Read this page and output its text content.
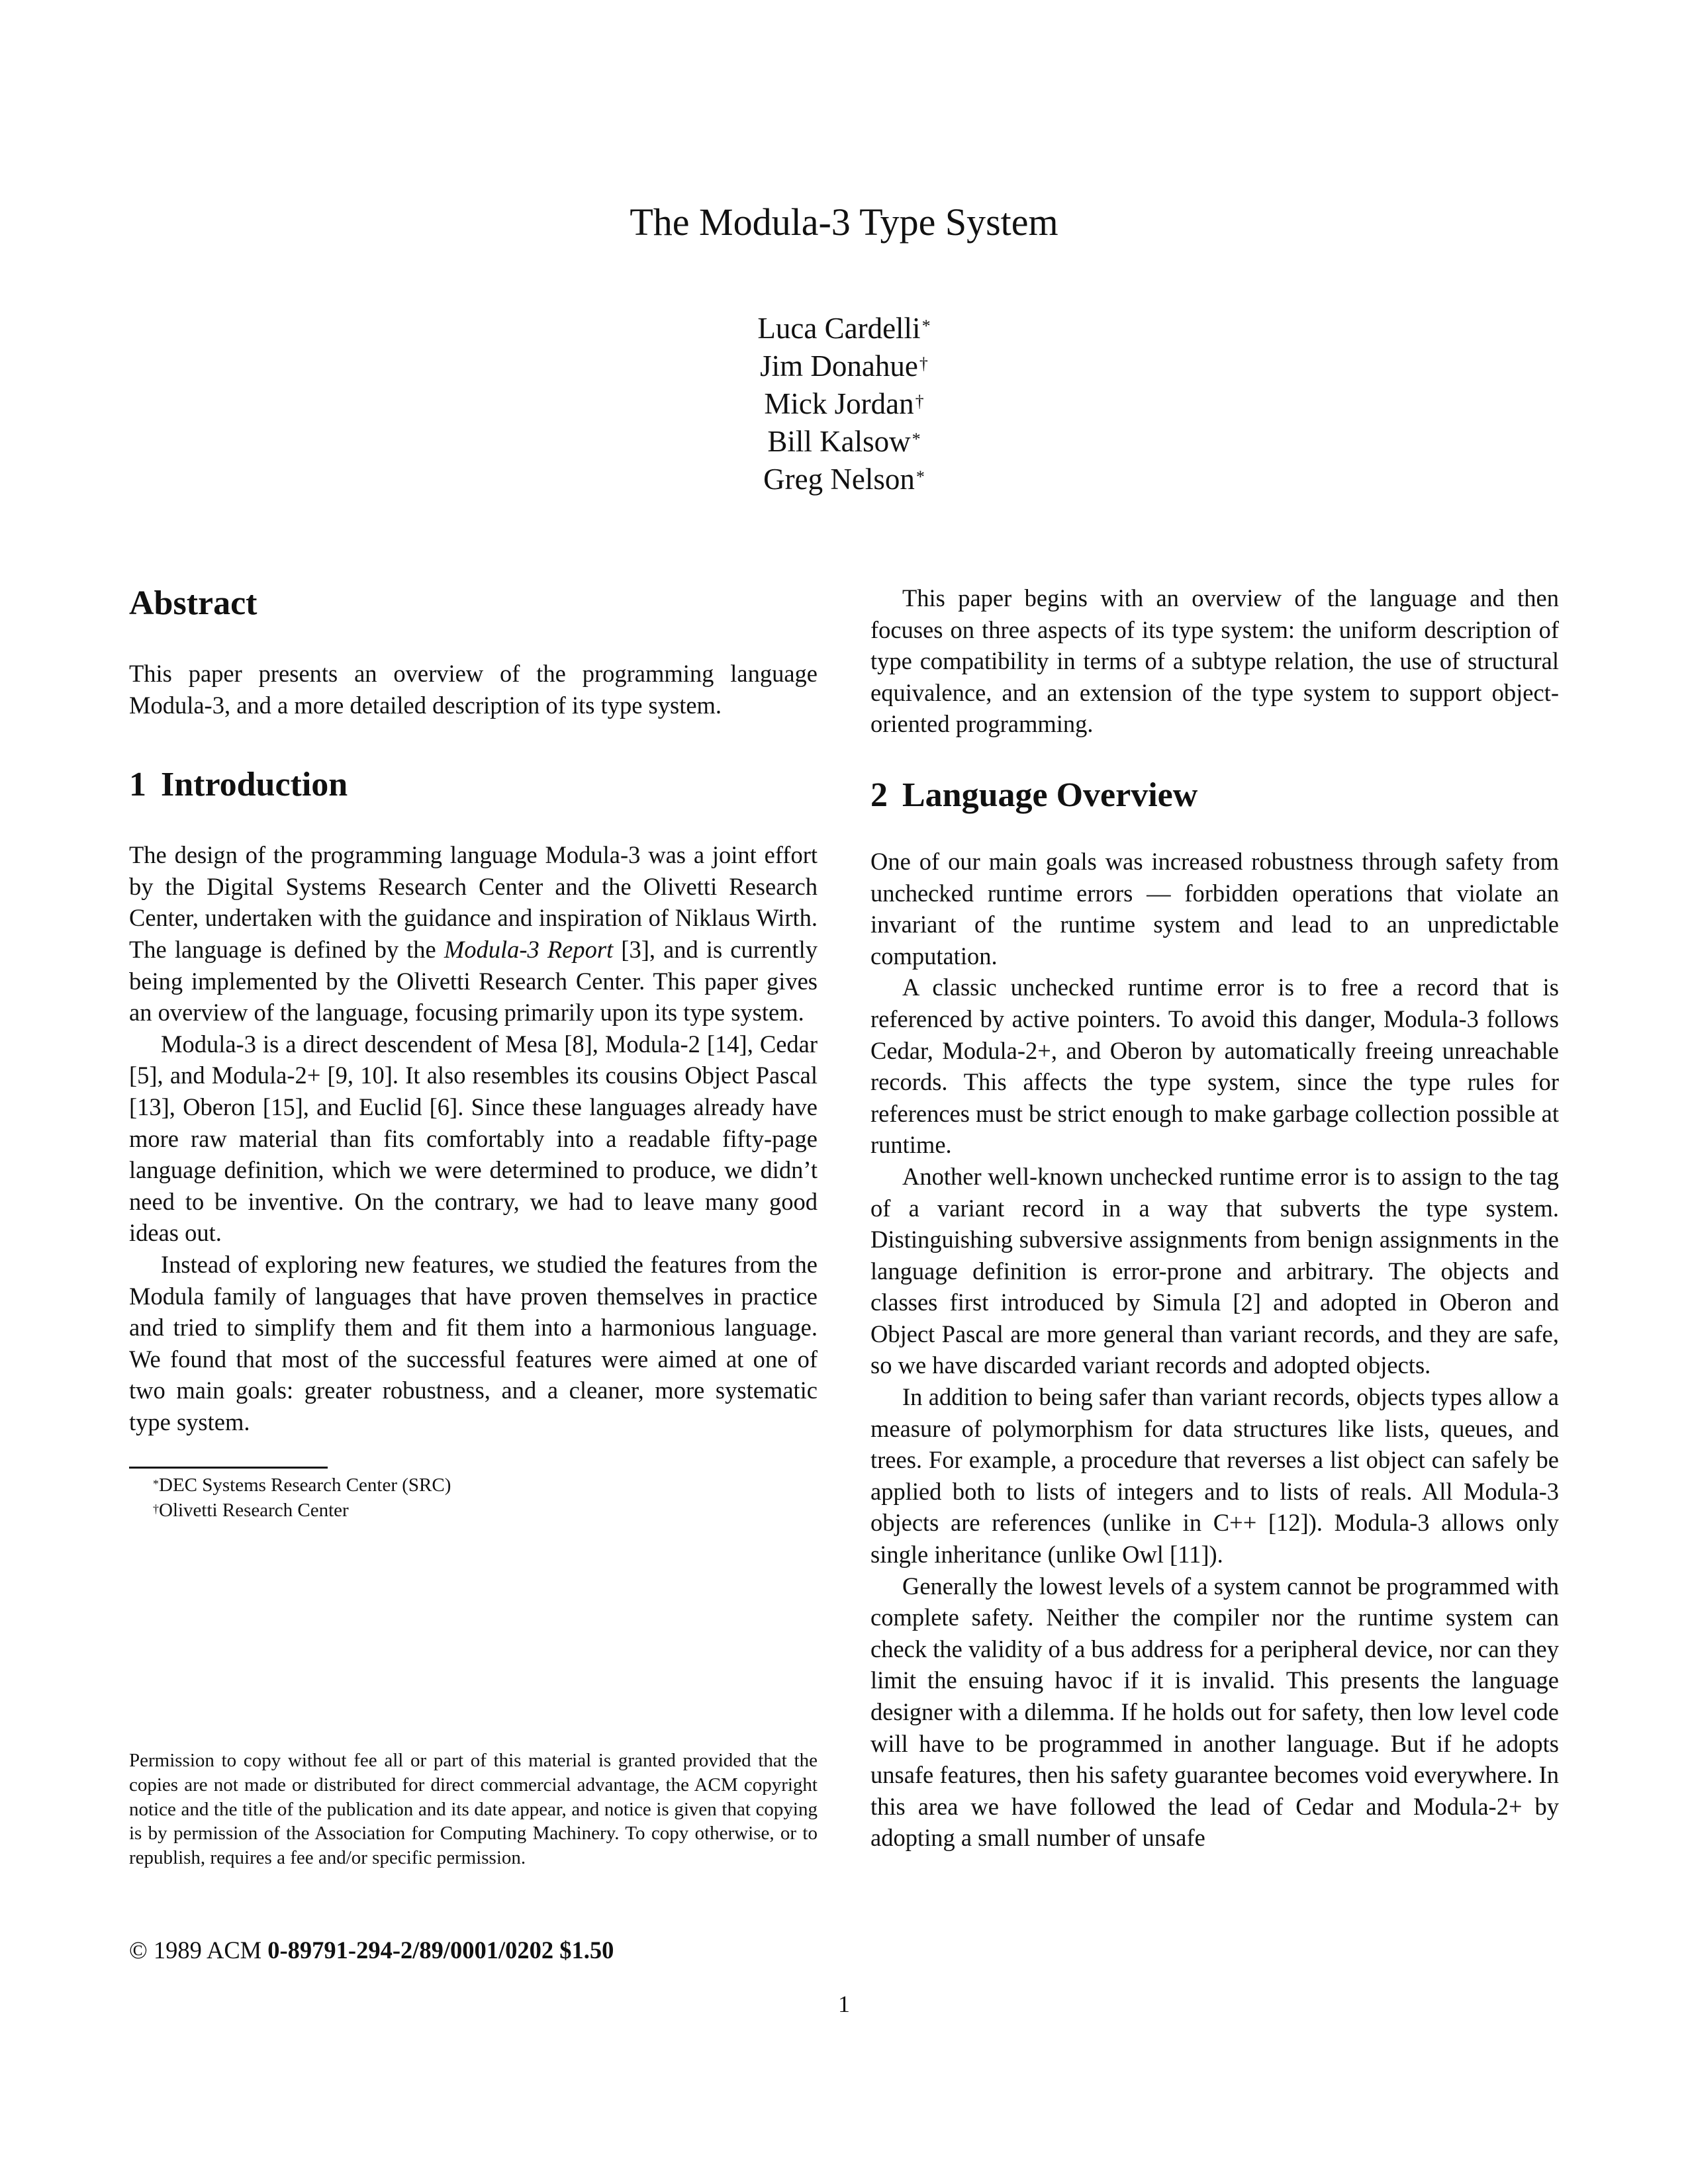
The Modula-3 Type System
Luca Cardelli*
Jim Donahue†
Mick Jordan†
Bill Kalsow*
Greg Nelson*
Abstract

This paper presents an overview of the programming language Modula-3, and a more detailed description of its type system.

1 Introduction

The design of the programming language Modula-3 was a joint effort by the Digital Systems Research Center and the Olivetti Research Center, undertaken with the guidance and inspiration of Niklaus Wirth. The language is defined by the Modula-3 Report [3], and is currently being implemented by the Olivetti Research Center. This paper gives an overview of the language, focusing primarily upon its type system.

Modula-3 is a direct descendent of Mesa [8], Modula-2 [14], Cedar [5], and Modula-2+ [9, 10]. It also resembles its cousins Object Pascal [13], Oberon [15], and Euclid [6]. Since these languages already have more raw material than fits comfortably into a readable fifty-page language definition, which we were determined to produce, we didn’t need to be inventive. On the contrary, we had to leave many good ideas out.

Instead of exploring new features, we studied the features from the Modula family of languages that have proven themselves in practice and tried to simplify them and fit them into a harmonious language. We found that most of the successful features were aimed at one of two main goals: greater robustness, and a cleaner, more systematic type system.

*DEC Systems Research Center (SRC)
†Olivetti Research Center

Permission to copy without fee all or part of this material is granted provided that the copies are not made or distributed for direct commercial advantage, the ACM copyright notice and the title of the publication and its date appear, and notice is given that copying is by permission of the Association for Computing Machinery. To copy otherwise, or to republish, requires a fee and/or specific permission.

© 1989 ACM 0-89791-294-2/89/0001/0202 $1.50

This paper begins with an overview of the language and then focuses on three aspects of its type system: the uniform description of type compatibility in terms of a subtype relation, the use of structural equivalence, and an extension of the type system to support object-oriented programming.

2 Language Overview

One of our main goals was increased robustness through safety from unchecked runtime errors — forbidden operations that violate an invariant of the runtime system and lead to an unpredictable computation.

A classic unchecked runtime error is to free a record that is referenced by active pointers. To avoid this danger, Modula-3 follows Cedar, Modula-2+, and Oberon by automatically freeing unreachable records. This affects the type system, since the type rules for references must be strict enough to make garbage collection possible at runtime.

Another well-known unchecked runtime error is to assign to the tag of a variant record in a way that subverts the type system. Distinguishing subversive assignments from benign assignments in the language definition is error-prone and arbitrary. The objects and classes first introduced by Simula [2] and adopted in Oberon and Object Pascal are more general than variant records, and they are safe, so we have discarded variant records and adopted objects.

In addition to being safer than variant records, objects types allow a measure of polymorphism for data structures like lists, queues, and trees. For example, a procedure that reverses a list object can safely be applied both to lists of integers and to lists of reals. All Modula-3 objects are references (unlike in C++ [12]). Modula-3 allows only single inheritance (unlike Owl [11]).

Generally the lowest levels of a system cannot be programmed with complete safety. Neither the compiler nor the runtime system can check the validity of a bus address for a peripheral device, nor can they limit the ensuing havoc if it is invalid. This presents the language designer with a dilemma. If he holds out for safety, then low level code will have to be programmed in another language. But if he adopts unsafe features, then his safety guarantee becomes void everywhere. In this area we have followed the lead of Cedar and Modula-2+ by adopting a small number of unsafe

1
